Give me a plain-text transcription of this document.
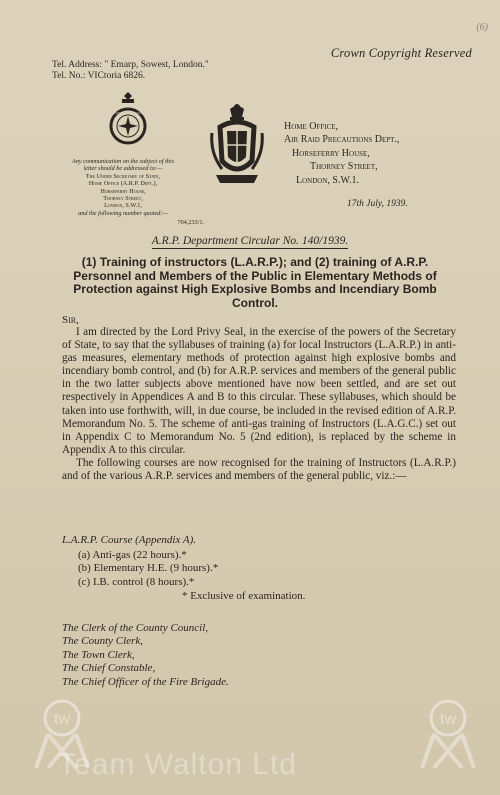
(6)
Crown Copyright Reserved
Tel. Address: " Emarp, Sowest, London."
Tel. No.: VICtoria 6826.
NATIONAL SERVICE
Any communication on the subject of this
letter should be addressed to:—
The Under Secretary of State,
Home Office (A.R.P. Dept.),
Horseferry House,
Thorney Street,
London, S.W.1,
and the following number quoted:—
704,233/1.
Home Office,
Air Raid Precautions Dept.,
Horseferry House,
Thorney Street,
London, S.W.1.
17th July, 1939.
A.R.P. Department Circular No. 140/1939.
(1) Training of instructors (L.A.R.P.); and (2) training of A.R.P. Personnel and Members of the Public in Elementary Methods of Protection against High Explosive Bombs and Incendiary Bomb Control.
Sir,

I am directed by the Lord Privy Seal, in the exercise of the powers of the Secretary of State, to say that the syllabuses of training (a) for local Instructors (L.A.R.P.) in anti-gas measures, elementary methods of protection against high explosive bombs and incendiary bomb control, and (b) for A.R.P. services and members of the general public in the two latter subjects above mentioned have now been settled, and are set out respectively in Appendices A and B to this circular. These syllabuses, which should be taken into use forthwith, will, in due course, be included in the revised edition of A.R.P. Memorandum No. 5. The scheme of anti-gas training of Instructors (L.A.G.C.) set out in Appendix C to Memorandum No. 5 (2nd edition), is replaced by the scheme in Appendix A to this circular.

The following courses are now recognised for the training of Instructors (L.A.R.P.) and of the various A.R.P. services and members of the general public, viz.:—

L.A.R.P. Course (Appendix A).
(a) Anti-gas (22 hours).*
(b) Elementary H.E. (9 hours).*
(c) I.B. control (8 hours).*
* Exclusive of examination.
The Clerk of the County Council,
The County Clerk,
The Town Clerk,
The Chief Constable,
The Chief Officer of the Fire Brigade.
tw	tw
Team Walton Ltd
